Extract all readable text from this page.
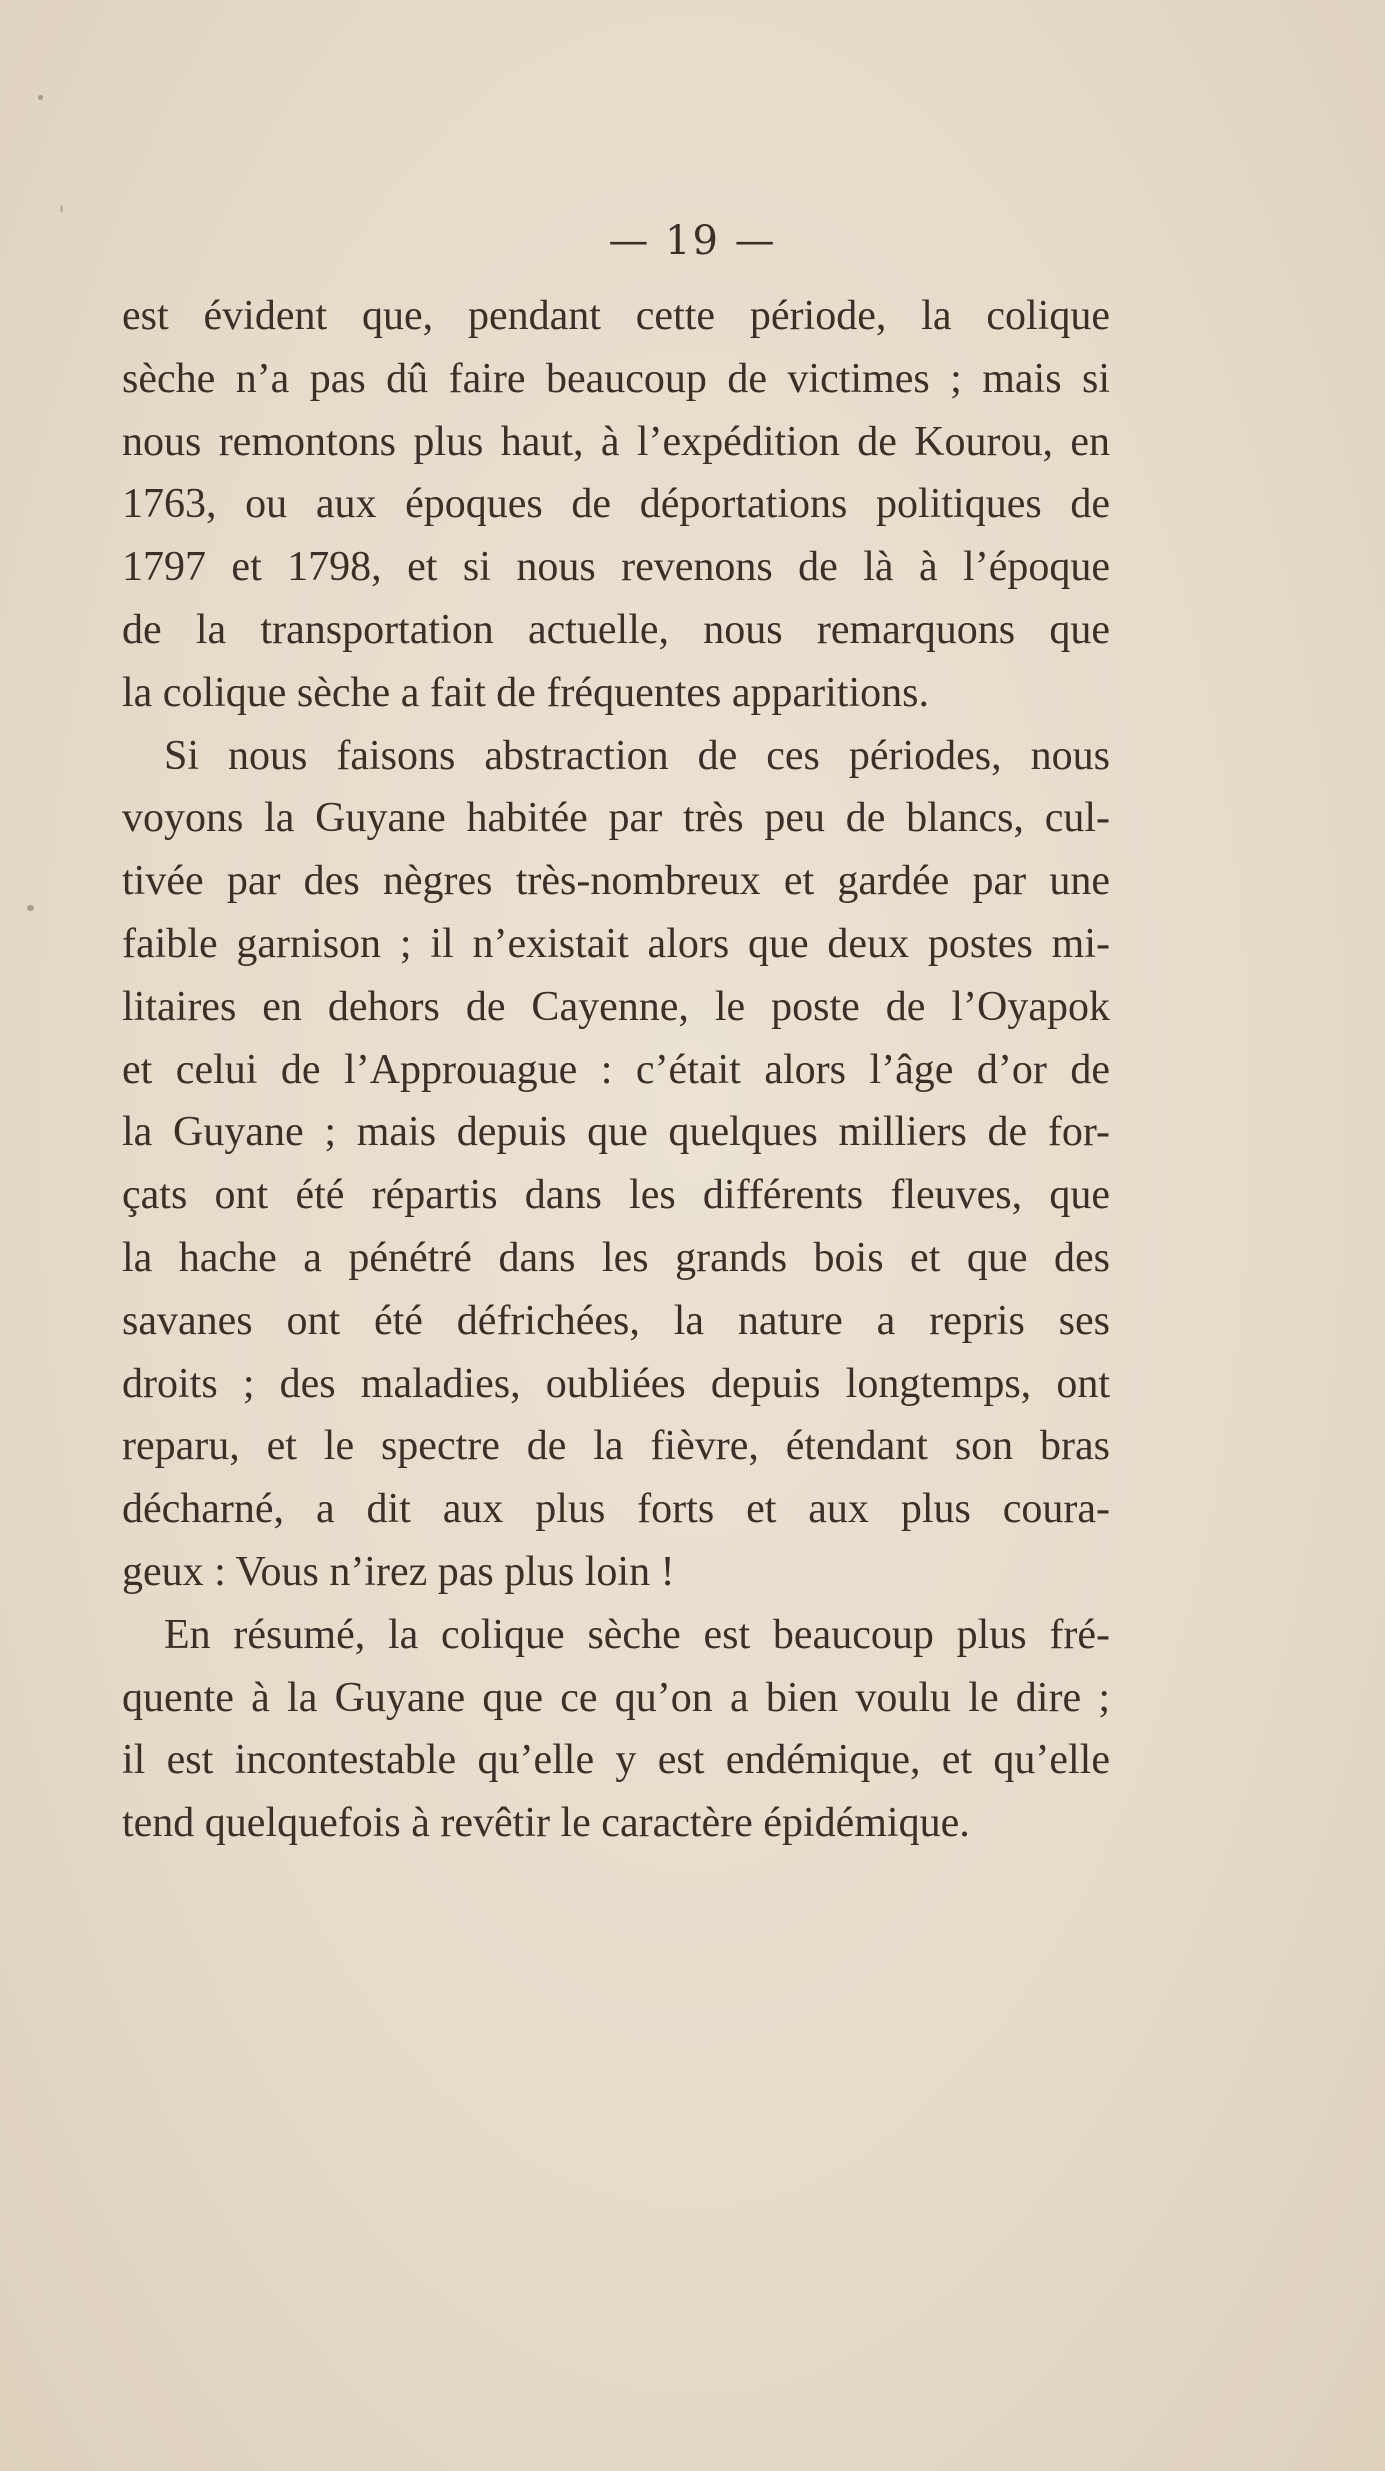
— 19 —
est évident que, pendant cette période, la colique
sèche n’a pas dû faire beaucoup de victimes ; mais si
nous remontons plus haut, à l’expédition de Kourou, en
1763, ou aux époques de déportations politiques de
1797 et 1798, et si nous revenons de là à l’époque
de la transportation actuelle, nous remarquons que
la colique sèche a fait de fréquentes apparitions.
Si nous faisons abstraction de ces périodes, nous
voyons la Guyane habitée par très peu de blancs, cul-
tivée par des nègres très-nombreux et gardée par une
faible garnison ; il n’existait alors que deux postes mi-
litaires en dehors de Cayenne, le poste de l’Oyapok
et celui de l’Approuague : c’était alors l’âge d’or de
la Guyane ; mais depuis que quelques milliers de for-
çats ont été répartis dans les différents fleuves, que
la hache a pénétré dans les grands bois et que des
savanes ont été défrichées, la nature a repris ses
droits ; des maladies, oubliées depuis longtemps, ont
reparu, et le spectre de la fièvre, étendant son bras
décharné, a dit aux plus forts et aux plus coura-
geux : Vous n’irez pas plus loin !
En résumé, la colique sèche est beaucoup plus fré-
quente à la Guyane que ce qu’on a bien voulu le dire ;
il est incontestable qu’elle y est endémique, et qu’elle
tend quelquefois à revêtir le caractère épidémique.
